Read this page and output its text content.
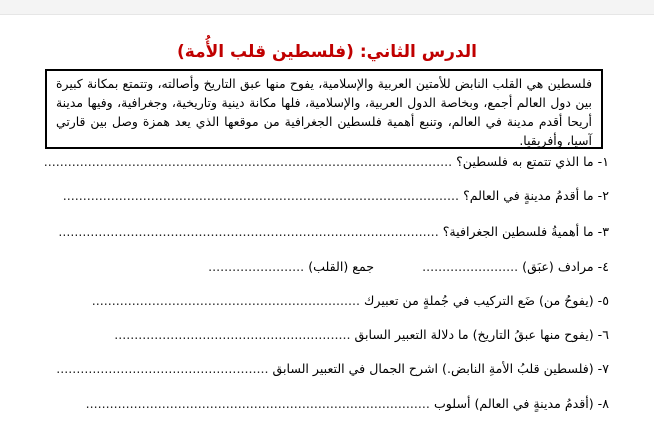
الدرس الثاني: (فلسطين قلب الأُمة)
فلسطين هي القلب النابض للأمتين العربية والإسلامية، يفوح منها عبق التاريخ وأصالته، وتتمتع بمكانة كبيرة بين دول العالم أجمع، وبخاصة الدول العربية، والإسلامية، فلها مكانة دينية وتاريخية، وجغرافية، وفيها مدينة أريحا أقدم مدينة في العالم، وتنبع أهمية فلسطين الجغرافية من موقعها الذي يعد همزة وصل بين قارتي آسيا، وأفريقيا.
١- ما الذي تتمتع به فلسطين؟ ......................................................................................................
٢- ما أقدمُ مدينةٍ في العالم؟ ...................................................................................................
٣- ما أهميةُ فلسطين الجغرافية؟ ...............................................................................................
٤- مرادف (عبَق) ........................  جمع (القلب) ........................
٥- (يفوحُ من) ضَع التركيب في جُملةٍ من تعبيرك ...................................................................
٦- (يفوح منها عبقُ التاريخ) ما دلالة التعبير السابق ...........................................................
٧- (فلسطين قلبُ الأمةِ النابض.) اشرح الجمال في التعبير السابق .....................................................
٨- (أقدمُ مدينةٍ في العالم) أسلوب ......................................................................................
